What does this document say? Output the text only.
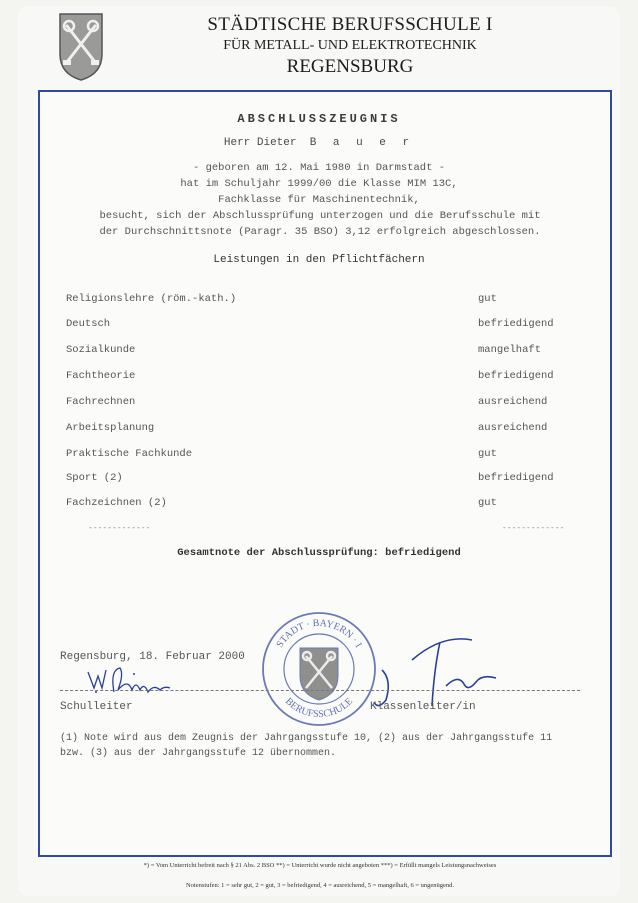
STÄDTISCHE BERUFSSCHULE I
FÜR METALL- UND ELEKTROTECHNIK
REGENSBURG
ABSCHLUSSZEUGNIS
Herr Dieter B a u e r
- geboren am 12. Mai 1980 in Darmstadt -
hat im Schuljahr 1999/00 die Klasse MIM 13C,
Fachklasse für Maschinentechnik,
besucht, sich der Abschlussprüfung unterzogen und die Berufsschule mit
der Durchschnittsnote (Paragr. 35 BSO) 3,12 erfolgreich abgeschlossen.
Leistungen in den Pflichtfächern
Religionslehre (röm.-kath.)	gut
Deutsch	befriedigend
Sozialkunde	mangelhaft
Fachtheorie	befriedigend
Fachrechnen	ausreichend
Arbeitsplanung	ausreichend
Praktische Fachkunde	gut
Sport (2)	befriedigend
Fachzeichnen (2)	gut
-------------	-------------
Gesamtnote der Abschlussprüfung: befriedigend
Regensburg, 18. Februar 2000
STADT · BAYERN · I
BERUFSSCHULE
Schulleiter	Klassenleiter/in
(1) Note wird aus dem Zeugnis der Jahrgangsstufe 10, (2) aus der Jahrgangsstufe 11
bzw. (3) aus der Jahrgangsstufe 12 übernommen.
*) = Vom Unterricht befreit nach § 21 Abs. 2 BSO **) = Unterricht wurde nicht angeboten ***) = Erfüllt mangels Leistungsnachweises
Notenstufen: 1 = sehr gut, 2 = gut, 3 = befriedigend, 4 = ausreichend, 5 = mangelhaft, 6 = ungenügend.
